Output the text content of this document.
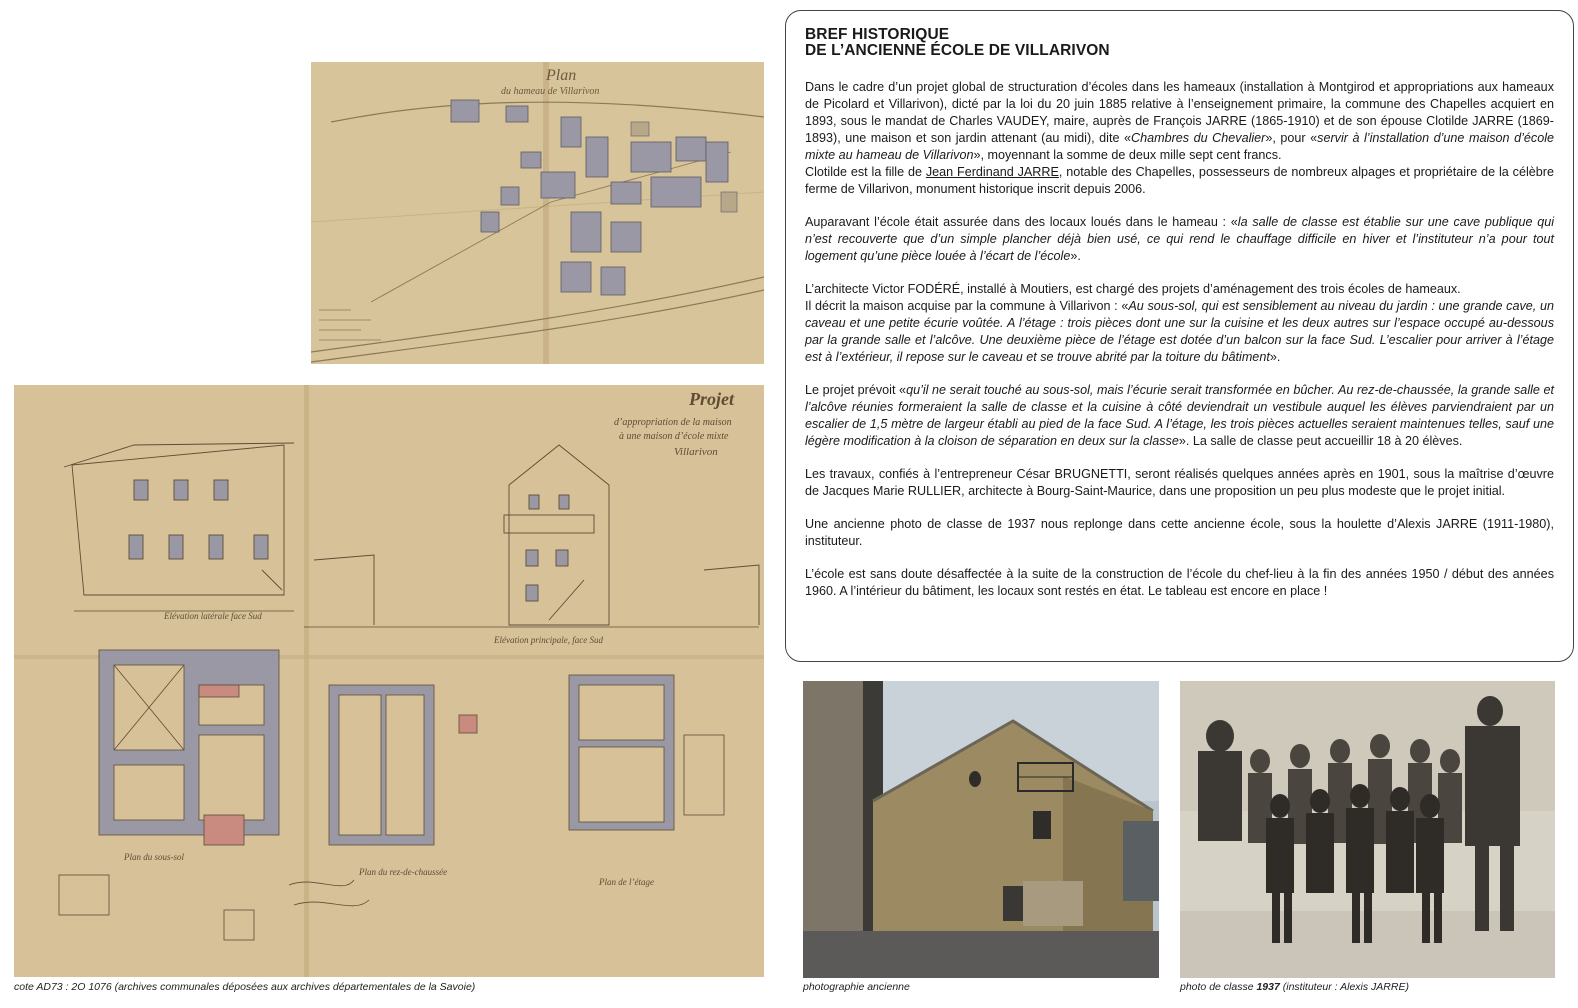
Plan
du hameau de Villarivon
Projet
d’appropriation de la maison
à une maison d’école mixte
Villarivon
Elévation latérale face Sud
Elévation principale, face Sud
Plan du sous-sol
Plan du rez-de-chaussée
Plan de l’étage
cote AD73 : 2O 1076 (archives communales déposées aux archives départementales de la Savoie)	photographie ancienne	photo de classe 1937 (instituteur : Alexis JARRE)
BREF HISTORIQUE
DE L’ANCIENNE ÉCOLE DE VILLARIVON

Dans le cadre d’un projet global de structuration d’écoles dans les hameaux (installation à Montgirod et appropriations aux hameaux de Picolard et Villarivon), dicté par la loi du 20 juin 1885 relative à l’enseignement primaire, la commune des Chapelles acquiert en 1893, sous le mandat de Charles VAUDEY, maire, auprès de François JARRE (1865-1910) et de son épouse Clotilde JARRE (1869-1893), une maison et son jardin attenant (au midi), dite «Chambres du Chevalier», pour «servir à l’installation d’une maison d’école mixte au hameau de Villarivon», moyennant la somme de deux mille sept cent francs.
Clotilde est la fille de Jean Ferdinand JARRE, notable des Chapelles, possesseurs de nombreux alpages et propriétaire de la célèbre ferme de Villarivon, monument historique inscrit depuis 2006.

Auparavant l’école était assurée dans des locaux loués dans le hameau : «la salle de classe est établie sur une cave publique qui n’est recouverte que d’un simple plancher déjà bien usé, ce qui rend le chauffage difficile en hiver et l’instituteur n’a pour tout logement qu’une pièce louée à l’écart de l’école».

L’architecte Victor FODÉRÉ, installé à Moutiers, est chargé des projets d’aménagement des trois écoles de hameaux.
Il décrit la maison acquise par la commune à Villarivon : «Au sous-sol, qui est sensiblement au niveau du jardin : une grande cave, un caveau et une petite écurie voûtée. A l’étage : trois pièces dont une sur la cuisine et les deux autres sur l’espace occupé au-dessous par la grande salle et l’alcôve. Une deuxième pièce de l’étage est dotée d’un balcon sur la face Sud. L’escalier pour arriver à l’étage est à l’extérieur, il repose sur le caveau et se trouve abrité par la toiture du bâtiment».

Le projet prévoit «qu’il ne serait touché au sous-sol, mais l’écurie serait transformée en bûcher. Au rez-de-chaussée, la grande salle et l’alcôve réunies formeraient la salle de classe et la cuisine à côté deviendrait un vestibule auquel les élèves parviendraient par un escalier de 1,5 mètre de largeur établi au pied de la face Sud. A l’étage, les trois pièces actuelles seraient maintenues telles, sauf une légère modification à la cloison de séparation en deux sur la classe». La salle de classe peut accueillir 18 à 20 élèves.

Les travaux, confiés à l’entrepreneur César BRUGNETTI, seront réalisés quelques années après en 1901, sous la maîtrise d’œuvre de Jacques Marie RULLIER, architecte à Bourg-Saint-Maurice, dans une proposition un peu plus modeste que le projet initial.

Une ancienne photo de classe de 1937 nous replonge dans cette ancienne école, sous la houlette d’Alexis JARRE (1911-1980), instituteur.

L’école est sans doute désaffectée à la suite de la construction de l’école du chef-lieu à la fin des années 1950 / début des années 1960. A l’intérieur du bâtiment, les locaux sont restés en état. Le tableau est encore en place !
